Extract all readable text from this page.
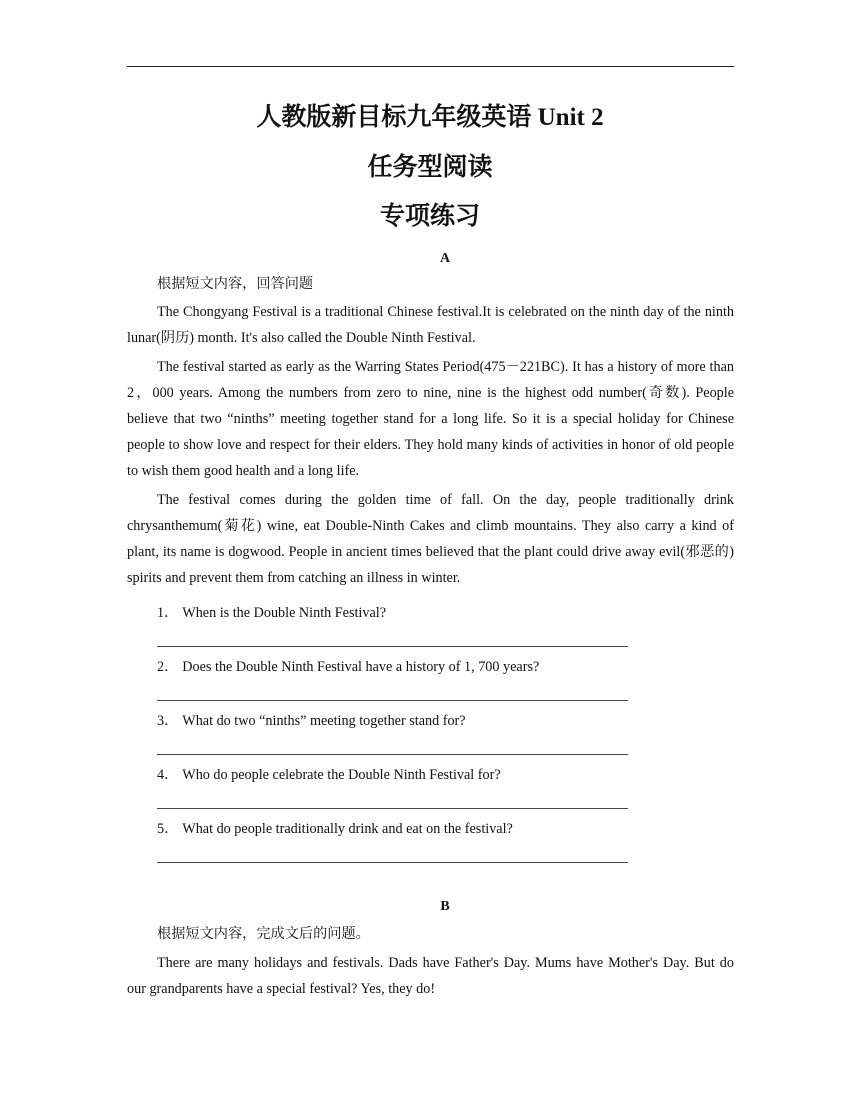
人教版新目标九年级英语 Unit 2
任务型阅读
专项练习
A

根据短文内容，回答问题

The Chongyang Festival is a traditional Chinese festival.It is celebrated on the ninth day of the ninth lunar(阴历) month. It's also called the Double Ninth Festival.

The festival started as early as the Warring States Period(475－221BC). It has a history of more than 2，000 years. Among the numbers from zero to nine, nine is the highest odd number(奇数). People believe that two “ninths” meeting together stand for a long life. So it is a special holiday for Chinese people to show love and respect for their elders. They hold many kinds of activities in honor of old people to wish them good health and a long life.

The festival comes during the golden time of fall. On the day, people traditionally drink chrysanthemum(菊花) wine, eat Double-Ninth Cakes and climb mountains. They also carry a kind of plant, its name is dogwood. People in ancient times believed that the plant could drive away evil(邪恶的) spirits and prevent them from catching an illness in winter.

1． When is the Double Ninth Festival?
2． Does the Double Ninth Festival have a history of 1, 700 years?
3． What do two “ninths” meeting together stand for?
4． Who do people celebrate the Double Ninth Festival for?
5． What do people traditionally drink and eat on the festival?
B

根据短文内容，完成文后的问题。

There are many holidays and festivals. Dads have Father's Day. Mums have Mother's Day. But do our grandparents have a special festival? Yes, they do!
